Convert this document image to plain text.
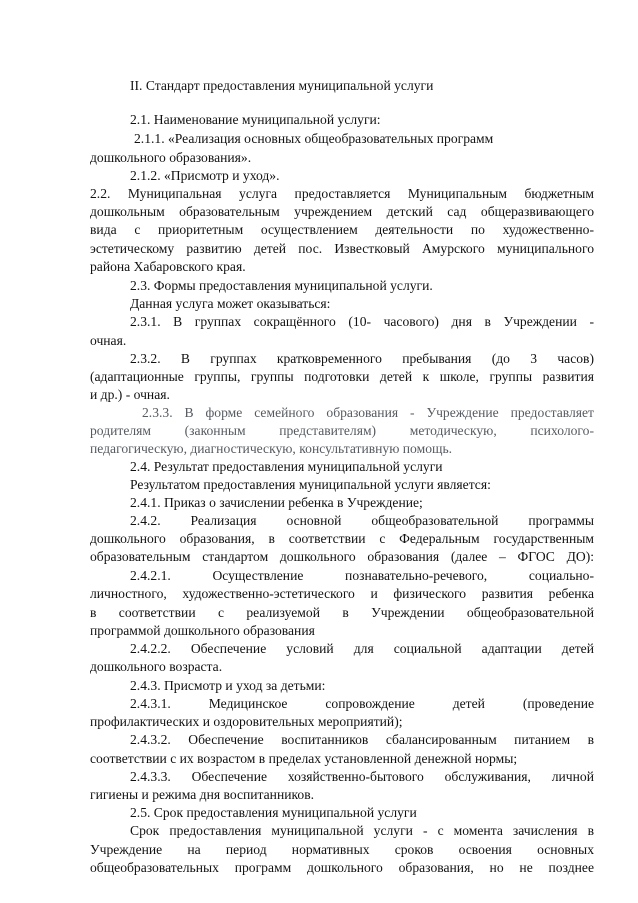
II. Стандарт предоставления муниципальной услуги
2.1. Наименование муниципальной услуги:
2.1.1. «Реализация основных общеобразовательных программ
дошкольного образования».
2.1.2. «Присмотр и уход».
2.2. Муниципальная услуга предоставляется Муниципальным бюджетным
дошкольным образовательным учреждением детский сад общеразвивающего
вида с приоритетным осуществлением деятельности по художественно-
эстетическому развитию детей пос. Известковый Амурского муниципального
района Хабаровского края.
2.3. Формы предоставления муниципальной услуги.
Данная услуга может оказываться:
2.3.1. В группах сокращённого (10- часового) дня в Учреждении -
очная.
2.3.2. В группах кратковременного пребывания (до 3 часов)
(адаптационные группы, группы подготовки детей к школе, группы развития
и др.) - очная.
2.3.3. В форме семейного образования - Учреждение предоставляет
родителям (законным представителям) методическую, психолого-
педагогическую, диагностическую, консультативную помощь.
2.4. Результат предоставления муниципальной услуги
Результатом предоставления муниципальной услуги является:
2.4.1. Приказ о зачислении ребенка в Учреждение;
2.4.2. Реализация основной общеобразовательной программы
дошкольного образования, в соответствии с Федеральным государственным
образовательным стандартом дошкольного образования (далее – ФГОС ДО):
2.4.2.1. Осуществление познавательно-речевого, социально-
личностного, художественно-эстетического и физического развития ребенка
в соответствии с реализуемой в Учреждении общеобразовательной
программой дошкольного образования
2.4.2.2. Обеспечение условий для социальной адаптации детей
дошкольного возраста.
2.4.3. Присмотр и уход за детьми:
2.4.3.1. Медицинское сопровождение детей (проведение
профилактических и оздоровительных мероприятий);
2.4.3.2. Обеспечение воспитанников сбалансированным питанием в
соответствии с их возрастом в пределах установленной денежной нормы;
2.4.3.3. Обеспечение хозяйственно-бытового обслуживания, личной
гигиены и режима дня воспитанников.
2.5. Срок предоставления муниципальной услуги
Срок предоставления муниципальной услуги - с момента зачисления в
Учреждение на период нормативных сроков освоения основных
общеобразовательных программ дошкольного образования, но не позднее
